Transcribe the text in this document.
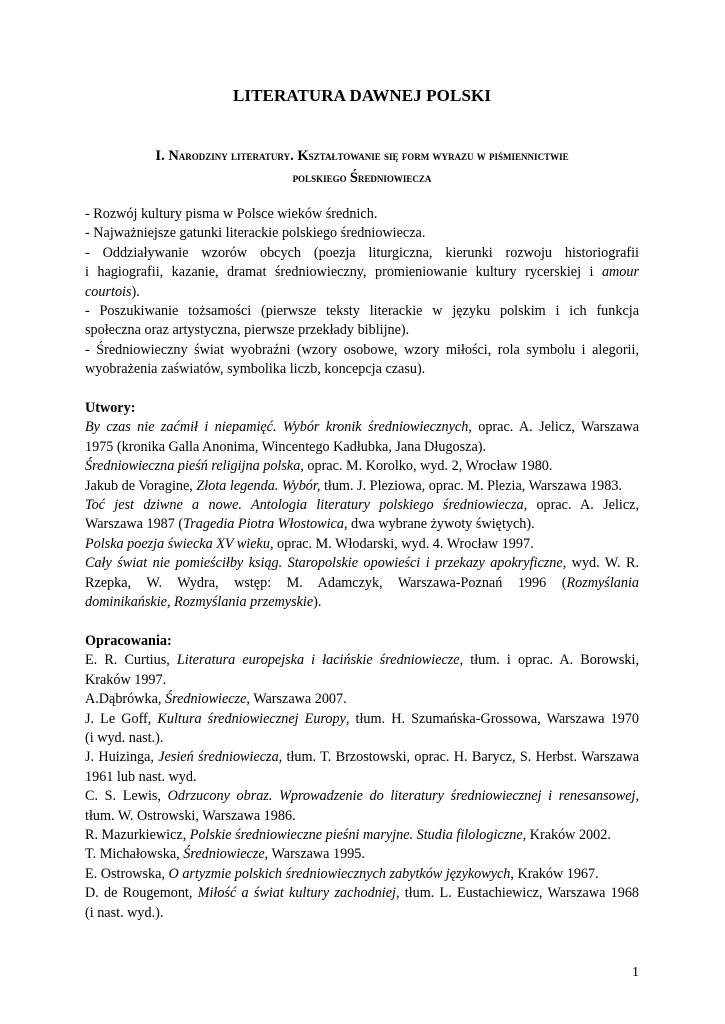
LITERATURA DAWNEJ POLSKI
I. Narodziny literatury. Kształtowanie się form wyrazu w piśmiennictwie
polskiego Średniowiecza
- Rozwój kultury pisma w Polsce wieków średnich.
- Najważniejsze gatunki literackie polskiego średniowiecza.
- Oddziaływanie wzorów obcych (poezja liturgiczna, kierunki rozwoju historiografii
i hagiografii, kazanie, dramat średniowieczny, promieniowanie kultury rycerskiej i amour
courtois).
- Poszukiwanie tożsamości (pierwsze teksty literackie w języku polskim i ich funkcja
społeczna oraz artystyczna, pierwsze przekłady biblijne).
- Średniowieczny świat wyobraźni (wzory osobowe, wzory miłości, rola symbolu i alegorii,
wyobrażenia zaświatów, symbolika liczb, koncepcja czasu).
Utwory:
By czas nie zaćmił i niepamięć. Wybór kronik średniowiecznych, oprac. A. Jelicz, Warszawa
1975 (kronika Galla Anonima, Wincentego Kadłubka, Jana Długosza).
Średniowieczna pieśń religijna polska, oprac. M. Korolko, wyd. 2, Wrocław 1980.
Jakub de Voragine, Złota legenda. Wybór, tłum. J. Pleziowa, oprac. M. Plezia, Warszawa 1983.
Toć jest dziwne a nowe. Antologia literatury polskiego średniowiecza, oprac. A. Jelicz,
Warszawa 1987 (Tragedia Piotra Włostowica, dwa wybrane żywoty świętych).
Polska poezja świecka XV wieku, oprac. M. Włodarski, wyd. 4. Wrocław 1997.
Cały świat nie pomieściłby ksiąg. Staropolskie opowieści i przekazy apokryficzne, wyd. W. R.
Rzepka, W. Wydra, wstęp: M. Adamczyk, Warszawa-Poznań 1996 (Rozmyślania
dominikańskie, Rozmyślania przemyskie).
Opracowania:
E. R. Curtius, Literatura europejska i łacińskie średniowiecze, tłum. i oprac. A. Borowski,
Kraków 1997.
A.Dąbrówka, Średniowiecze, Warszawa 2007.
J. Le Goff, Kultura średniowiecznej Europy, tłum. H. Szumańska-Grossowa, Warszawa 1970
(i wyd. nast.).
J. Huizinga, Jesień średniowiecza, tłum. T. Brzostowski, oprac. H. Barycz, S. Herbst. Warszawa
1961 lub nast. wyd.
C. S. Lewis, Odrzucony obraz. Wprowadzenie do literatury średniowiecznej i renesansowej,
tłum. W. Ostrowski, Warszawa 1986.
R. Mazurkiewicz, Polskie średniowieczne pieśni maryjne. Studia filologiczne, Kraków 2002.
T. Michałowska, Średniowiecze, Warszawa 1995.
E. Ostrowska, O artyzmie polskich średniowiecznych zabytków językowych, Kraków 1967.
D. de Rougemont, Miłość a świat kultury zachodniej, tłum. L. Eustachiewicz, Warszawa 1968
(i nast. wyd.).
1
